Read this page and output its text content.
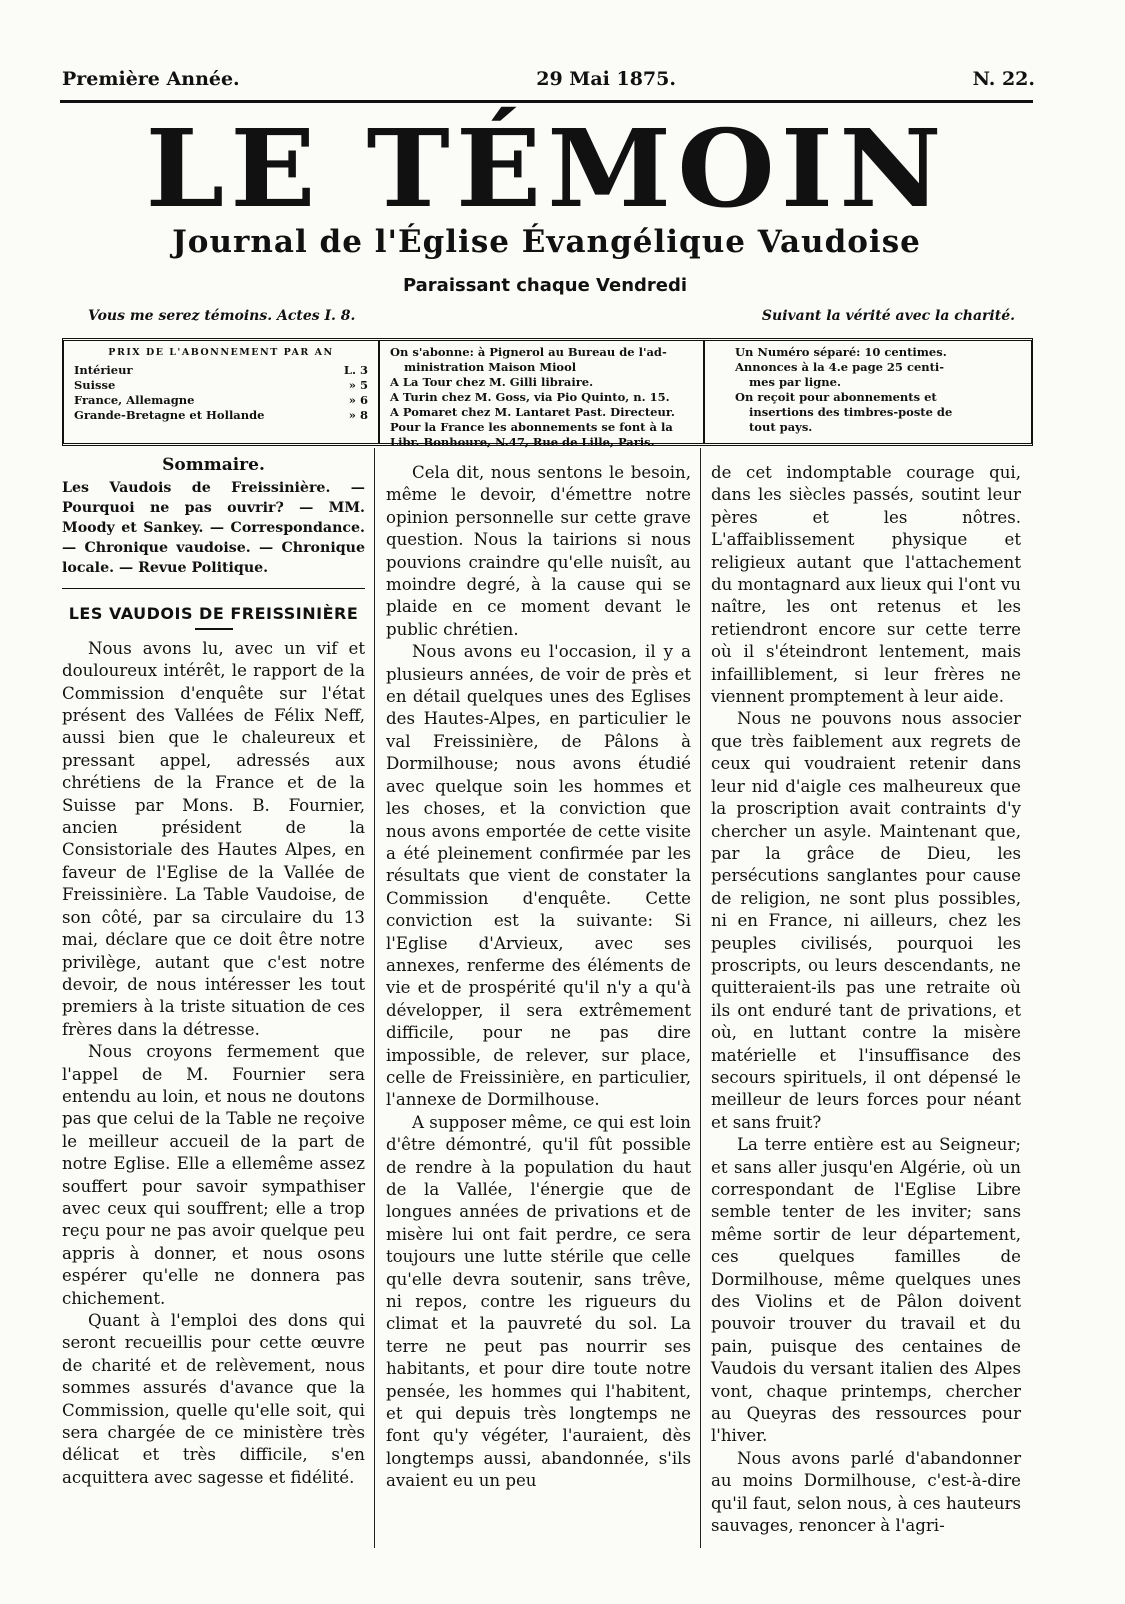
Première Année.	29 Mai 1875.	N. 22.
LE TÉMOIN
Journal de l'Église Évangélique Vaudoise
Paraissant chaque Vendredi
Vous me serez témoins. Actes I. 8.	Suivant la vérité avec la charité.
PRIX DE L'ABONNEMENT PAR AN
Intérieur	L. 3
Suisse	» 5
France, Allemagne	» 6
Grande-Bretagne et Hollande	» 8
On s'abonne: à Pignerol au Bureau de l'ad-
ministration Maison Miool
A La Tour chez M. Gilli libraire.
A Turin chez M. Goss, via Pio Quinto, n. 15.
A Pomaret chez M. Lantaret Past. Directeur.
Pour la France les abonnements se font à la
Libr. Bonhoure, N.47, Rue de Lille, Paris.
Un Numéro séparé: 10 centimes.
Annonces à la 4.e page 25 centi-
mes par ligne.
On reçoit pour abonnements et
insertions des timbres-poste de
tout pays.
Sommaire.
Les Vaudois de Freissinière. — Pourquoi ne pas ouvrir? — MM. Moody et Sankey. — Correspondance. — Chronique vaudoise. — Chronique locale. — Revue Politique.
LES VAUDOIS DE FREISSINIÈRE

Nous avons lu, avec un vif et douloureux intérêt, le rapport de la Commission d'enquête sur l'état présent des Vallées de Félix Neff, aussi bien que le chaleureux et pressant appel, adressés aux chrétiens de la France et de la Suisse par Mons. B. Fournier, ancien président de la Consistoriale des Hautes Alpes, en faveur de l'Eglise de la Vallée de Freissinière. La Table Vaudoise, de son côté, par sa circulaire du 13 mai, déclare que ce doit être notre privilège, autant que c'est notre devoir, de nous intéresser les tout premiers à la triste situation de ces frères dans la détresse.

Nous croyons fermement que l'appel de M. Fournier sera entendu au loin, et nous ne doutons pas que celui de la Table ne reçoive le meilleur accueil de la part de notre Eglise. Elle a ellemême assez souffert pour savoir sympathiser avec ceux qui souffrent; elle a trop reçu pour ne pas avoir quelque peu appris à donner, et nous osons espérer qu'elle ne donnera pas chichement.

Quant à l'emploi des dons qui seront recueillis pour cette œuvre de charité et de relèvement, nous sommes assurés d'avance que la Commission, quelle qu'elle soit, qui sera chargée de ce ministère très délicat et très difficile, s'en acquittera avec sagesse et fidélité.

Cela dit, nous sentons le besoin, même le devoir, d'émettre notre opinion personnelle sur cette grave question. Nous la tairions si nous pouvions craindre qu'elle nuisît, au moindre degré, à la cause qui se plaide en ce moment devant le public chrétien.

Nous avons eu l'occasion, il y a plusieurs années, de voir de près et en détail quelques unes des Eglises des Hautes-Alpes, en particulier le val Freissinière, de Pâlons à Dormilhouse; nous avons étudié avec quelque soin les hommes et les choses, et la conviction que nous avons emportée de cette visite a été pleinement confirmée par les résultats que vient de constater la Commission d'enquête. Cette conviction est la suivante: Si l'Eglise d'Arvieux, avec ses annexes, renferme des éléments de vie et de prospérité qu'il n'y a qu'à développer, il sera extrêmement difficile, pour ne pas dire impossible, de relever, sur place, celle de Freissinière, en particulier, l'annexe de Dormilhouse.

A supposer même, ce qui est loin d'être démontré, qu'il fût possible de rendre à la population du haut de la Vallée, l'énergie que de longues années de privations et de misère lui ont fait perdre, ce sera toujours une lutte stérile que celle qu'elle devra soutenir, sans trêve, ni repos, contre les rigueurs du climat et la pauvreté du sol. La terre ne peut pas nourrir ses habitants, et pour dire toute notre pensée, les hommes qui l'habitent, et qui depuis très longtemps ne font qu'y végéter, l'auraient, dès longtemps aussi, abandonnée, s'ils avaient eu un peu

de cet indomptable courage qui, dans les siècles passés, soutint leur pères et les nôtres. L'affaiblissement physique et religieux autant que l'attachement du montagnard aux lieux qui l'ont vu naître, les ont retenus et les retiendront encore sur cette terre où il s'éteindront lentement, mais infailliblement, si leur frères ne viennent promptement à leur aide.

Nous ne pouvons nous associer que très faiblement aux regrets de ceux qui voudraient retenir dans leur nid d'aigle ces malheureux que la proscription avait contraints d'y chercher un asyle. Maintenant que, par la grâce de Dieu, les persécutions sanglantes pour cause de religion, ne sont plus possibles, ni en France, ni ailleurs, chez les peuples civilisés, pourquoi les proscripts, ou leurs descendants, ne quitteraient-ils pas une retraite où ils ont enduré tant de privations, et où, en luttant contre la misère matérielle et l'insuffisance des secours spirituels, il ont dépensé le meilleur de leurs forces pour néant et sans fruit?

La terre entière est au Seigneur; et sans aller jusqu'en Algérie, où un correspondant de l'Eglise Libre semble tenter de les inviter; sans même sortir de leur département, ces quelques familles de Dormilhouse, même quelques unes des Violins et de Pâlon doivent pouvoir trouver du travail et du pain, puisque des centaines de Vaudois du versant italien des Alpes vont, chaque printemps, chercher au Queyras des ressources pour l'hiver.

Nous avons parlé d'abandonner au moins Dormilhouse, c'est-à-dire qu'il faut, selon nous, à ces hauteurs sauvages, renoncer à l'agri-
